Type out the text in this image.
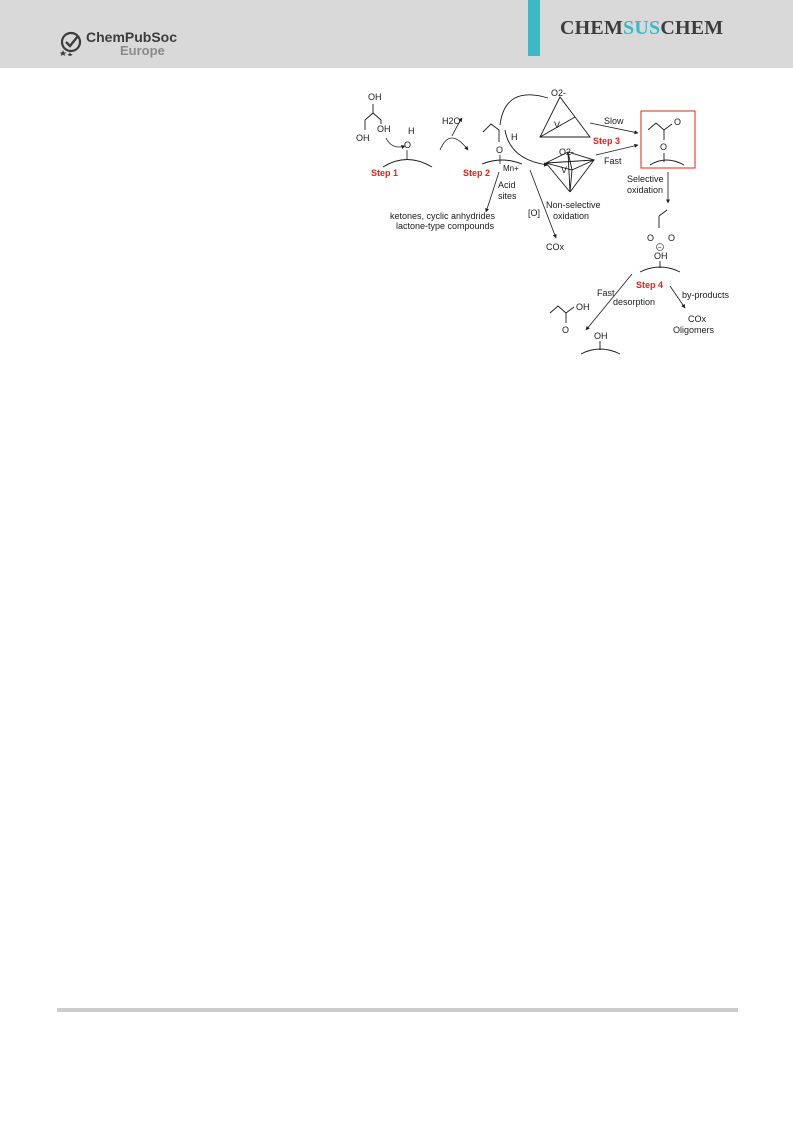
ChemPubSoc
Europe
CHEMSUSCHEM
OH
OH
OH H
O
Step 1
H2O
Step 2
H
O
Mn+
Acid
sites
ketones, cyclic anhydrides
lactone-type compounds
O2-
V
O2-
V
Non-selective
oxidation
[O]
COx
Slow
Step 3
Fast
O
O
Selective
oxidation
O O
−
OH
Step 4
Fast
desorption
by-products
COx
Oligomers
OH
O
OH
